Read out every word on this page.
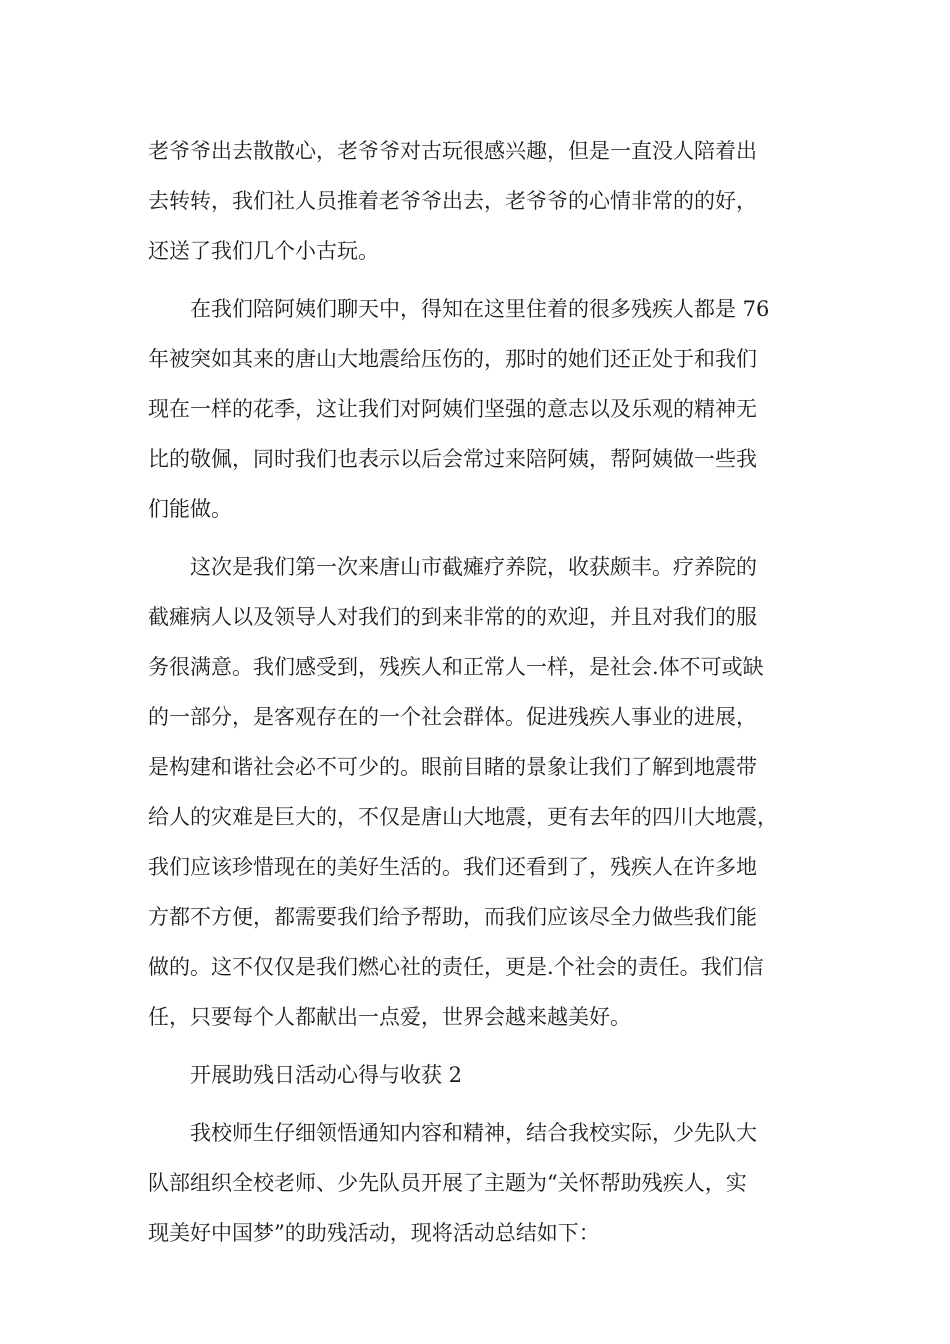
老爷爷出去散散心，老爷爷对古玩很感兴趣，但是一直没人陪着出
去转转，我们社人员推着老爷爷出去，老爷爷的心情非常的的好，
还送了我们几个小古玩。
在我们陪阿姨们聊天中，得知在这里住着的很多残疾人都是 76
年被突如其来的唐山大地震给压伤的，那时的她们还正处于和我们
现在一样的花季，这让我们对阿姨们坚强的意志以及乐观的精神无
比的敬佩，同时我们也表示以后会常过来陪阿姨，帮阿姨做一些我
们能做。
这次是我们第一次来唐山市截瘫疗养院，收获颇丰。疗养院的
截瘫病人以及领导人对我们的到来非常的的欢迎，并且对我们的服
务很满意。我们感受到，残疾人和正常人一样，是社会.体不可或缺
的一部分，是客观存在的一个社会群体。促进残疾人事业的进展，
是构建和谐社会必不可少的。眼前目睹的景象让我们了解到地震带
给人的灾难是巨大的，不仅是唐山大地震，更有去年的四川大地震，
我们应该珍惜现在的美好生活的。我们还看到了，残疾人在许多地
方都不方便，都需要我们给予帮助，而我们应该尽全力做些我们能
做的。这不仅仅是我们燃心社的责任，更是.个社会的责任。我们信
任，只要每个人都献出一点爱，世界会越来越美好。
开展助残日活动心得与收获 2
我校师生仔细领悟通知内容和精神，结合我校实际，少先队大
队部组织全校老师、少先队员开展了主题为“关怀帮助残疾人，实
现美好中国梦”的助残活动，现将活动总结如下：
